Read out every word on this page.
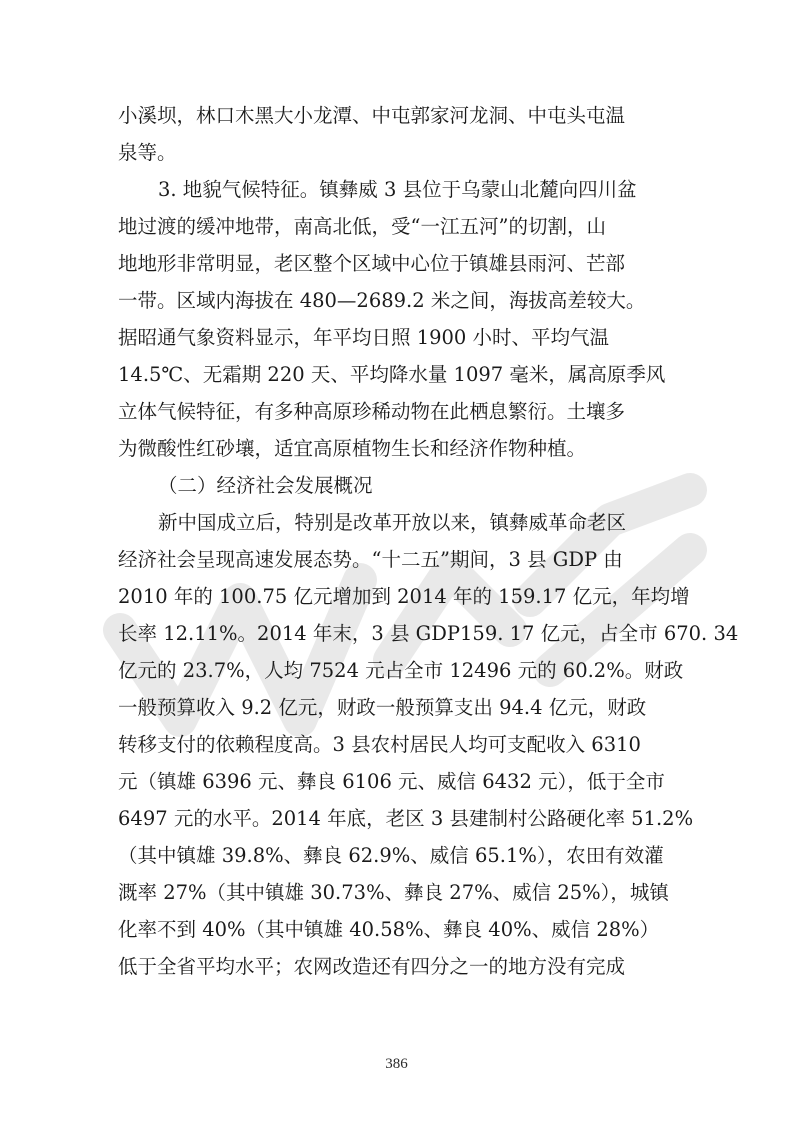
小溪坝，林口木黑大小龙潭、中屯郭家河龙洞、中屯头屯温
泉等。
3. 地貌气候特征。镇彝威 3 县位于乌蒙山北麓向四川盆
地过渡的缓冲地带，南高北低，受“一江五河”的切割，山
地地形非常明显，老区整个区域中心位于镇雄县雨河、芒部
一带。区域内海拔在 480—2689.2 米之间，海拔高差较大。
据昭通气象资料显示，年平均日照 1900 小时、平均气温
14.5℃、无霜期 220 天、平均降水量 1097 毫米，属高原季风
立体气候特征，有多种高原珍稀动物在此栖息繁衍。土壤多
为微酸性红砂壤，适宜高原植物生长和经济作物种植。
（二）经济社会发展概况
新中国成立后，特别是改革开放以来，镇彝威革命老区
经济社会呈现高速发展态势。“十二五”期间，3 县 GDP 由
2010 年的 100.75 亿元增加到 2014 年的 159.17 亿元，年均增
长率 12.11%。2014 年末，3 县 GDP159. 17 亿元，占全市 670. 34
亿元的 23.7%，人均 7524 元占全市 12496 元的 60.2%。财政
一般预算收入 9.2 亿元，财政一般预算支出 94.4 亿元，财政
转移支付的依赖程度高。3 县农村居民人均可支配收入 6310
元（镇雄 6396 元、彝良 6106 元、威信 6432 元），低于全市
6497 元的水平。2014 年底，老区 3 县建制村公路硬化率 51.2%
（其中镇雄 39.8%、彝良 62.9%、威信 65.1%），农田有效灌
溉率 27%（其中镇雄 30.73%、彝良 27%、威信 25%），城镇
化率不到 40%（其中镇雄 40.58%、彝良 40%、威信 28%）
低于全省平均水平；农网改造还有四分之一的地方没有完成
386
